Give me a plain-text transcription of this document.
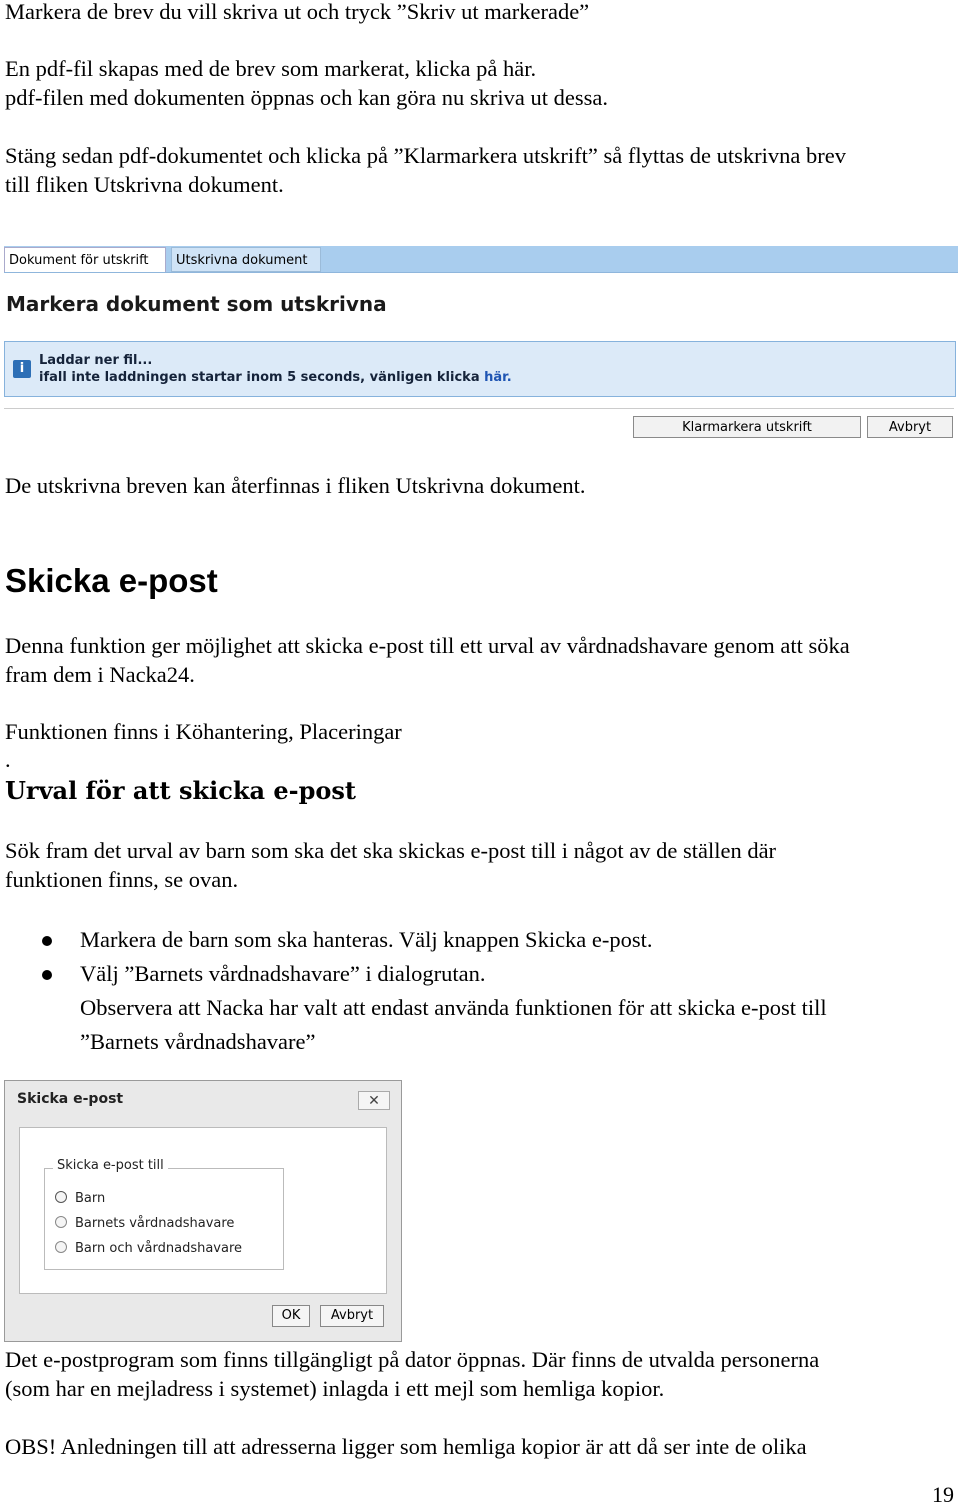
Markera de brev du vill skriva ut och tryck ”Skriv ut markerade”
En pdf-fil skapas med de brev som markerat, klicka på här.
pdf-filen med dokumenten öppnas och kan göra nu skriva ut dessa.
Stäng sedan pdf-dokumentet och klicka på ”Klarmarkera utskrift” så flyttas de utskrivna brev
till fliken Utskrivna dokument.
Dokument för utskrift	Utskrivna dokument
Markera dokument som utskrivna
i
Laddar ner fil...
ifall inte laddningen startar inom 5 seconds, vänligen klicka här.
Klarmarkera utskrift	Avbryt
De utskrivna breven kan återfinnas i fliken Utskrivna dokument.
Skicka e-post
Denna funktion ger möjlighet att skicka e-post till ett urval av vårdnadshavare genom att söka
fram dem i Nacka24.
Funktionen finns i Köhantering, Placeringar
.
Urval för att skicka e-post
Sök fram det urval av barn som ska det ska skickas e-post till i något av de ställen där
funktionen finns, se ovan.
Markera de barn som ska hanteras. Välj knappen Skicka e-post.
Välj ”Barnets vårdnadshavare” i dialogrutan.
Observera att Nacka har valt att endast använda funktionen för att skicka e-post till
”Barnets vårdnadshavare”
Skicka e-post	✕
Skicka e-post till
Barn
Barnets vårdnadshavare
Barn och vårdnadshavare
OK	Avbryt
Det e-postprogram som finns tillgängligt på dator öppnas. Där finns de utvalda personerna
(som har en mejladress i systemet) inlagda i ett mejl som hemliga kopior.
OBS! Anledningen till att adresserna ligger som hemliga kopior är att då ser inte de olika
19
